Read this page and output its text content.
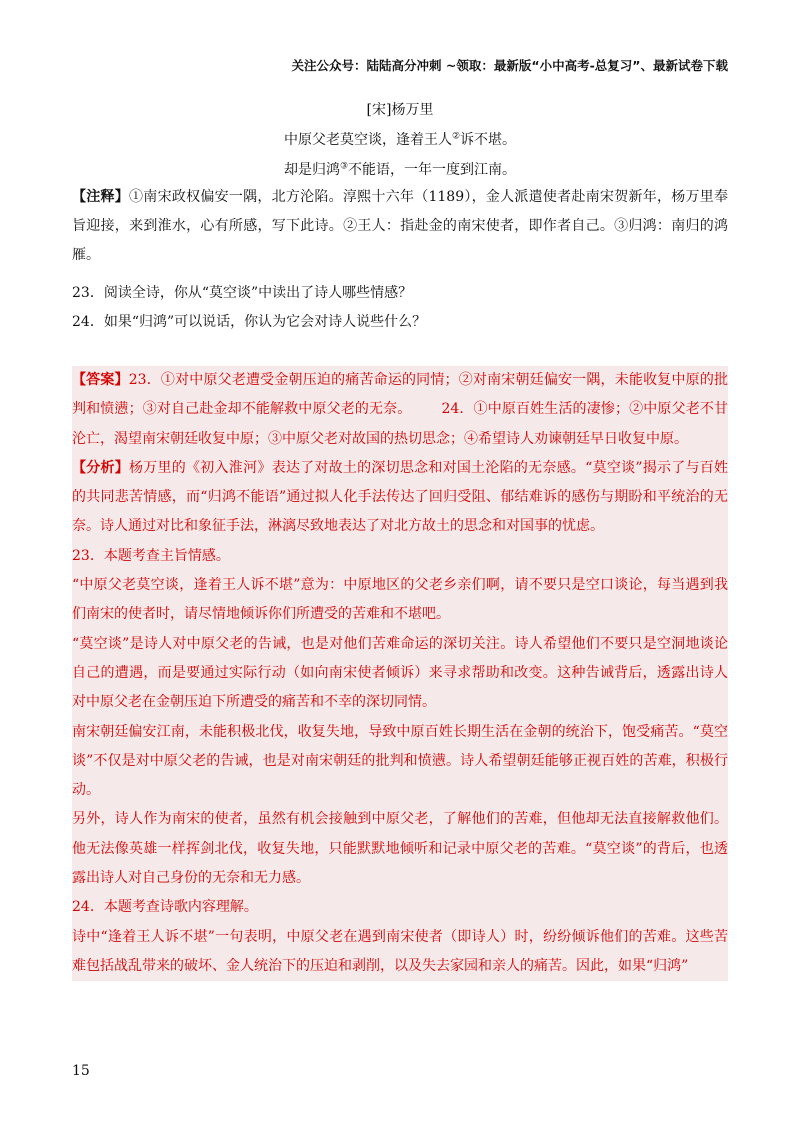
关注公众号：陆陆高分冲刺 ~领取：最新版“小中高考-总复习”、最新试卷下载
[宋]杨万里
中原父老莫空谈，逢着王人②诉不堪。
却是归鸿③不能语，一年一度到江南。
【注释】①南宋政权偏安一隅，北方沦陷。淳熙十六年（1189），金人派遣使者赴南宋贺新年，杨万里奉旨迎接，来到淮水，心有所感，写下此诗。②王人：指赴金的南宋使者，即作者自己。③归鸿：南归的鸿雁。
23．阅读全诗，你从“莫空谈”中读出了诗人哪些情感？
24．如果“归鸿”可以说话，你认为它会对诗人说些什么？

【答案】23．①对中原父老遭受金朝压迫的痛苦命运的同情；②对南宋朝廷偏安一隅，未能收复中原的批判和愤懑；③对自己赴金却不能解救中原父老的无奈。 24．①中原百姓生活的凄惨；②中原父老不甘沦亡，渴望南宋朝廷收复中原；③中原父老对故国的热切思念；④希望诗人劝谏朝廷早日收复中原。

【分析】杨万里的《初入淮河》表达了对故土的深切思念和对国土沦陷的无奈感。“莫空谈”揭示了与百姓的共同悲苦情感，而“归鸿不能语”通过拟人化手法传达了回归受阻、郁结难诉的感伤与期盼和平统治的无奈。诗人通过对比和象征手法，淋漓尽致地表达了对北方故土的思念和对国事的忧虑。

23．本题考查主旨情感。

“中原父老莫空谈，逢着王人诉不堪”意为：中原地区的父老乡亲们啊，请不要只是空口谈论，每当遇到我们南宋的使者时，请尽情地倾诉你们所遭受的苦难和不堪吧。

“莫空谈”是诗人对中原父老的告诫，也是对他们苦难命运的深切关注。诗人希望他们不要只是空洞地谈论自己的遭遇，而是要通过实际行动（如向南宋使者倾诉）来寻求帮助和改变。这种告诫背后，透露出诗人对中原父老在金朝压迫下所遭受的痛苦和不幸的深切同情。

南宋朝廷偏安江南，未能积极北伐，收复失地，导致中原百姓长期生活在金朝的统治下，饱受痛苦。“莫空谈”不仅是对中原父老的告诫，也是对南宋朝廷的批判和愤懑。诗人希望朝廷能够正视百姓的苦难，积极行动。

另外，诗人作为南宋的使者，虽然有机会接触到中原父老，了解他们的苦难，但他却无法直接解救他们。他无法像英雄一样挥剑北伐，收复失地，只能默默地倾听和记录中原父老的苦难。“莫空谈”的背后，也透露出诗人对自己身份的无奈和无力感。

24．本题考查诗歌内容理解。

诗中“逢着王人诉不堪”一句表明，中原父老在遇到南宋使者（即诗人）时，纷纷倾诉他们的苦难。这些苦难包括战乱带来的破坏、金人统治下的压迫和剥削，以及失去家园和亲人的痛苦。因此，如果“归鸿”

15
